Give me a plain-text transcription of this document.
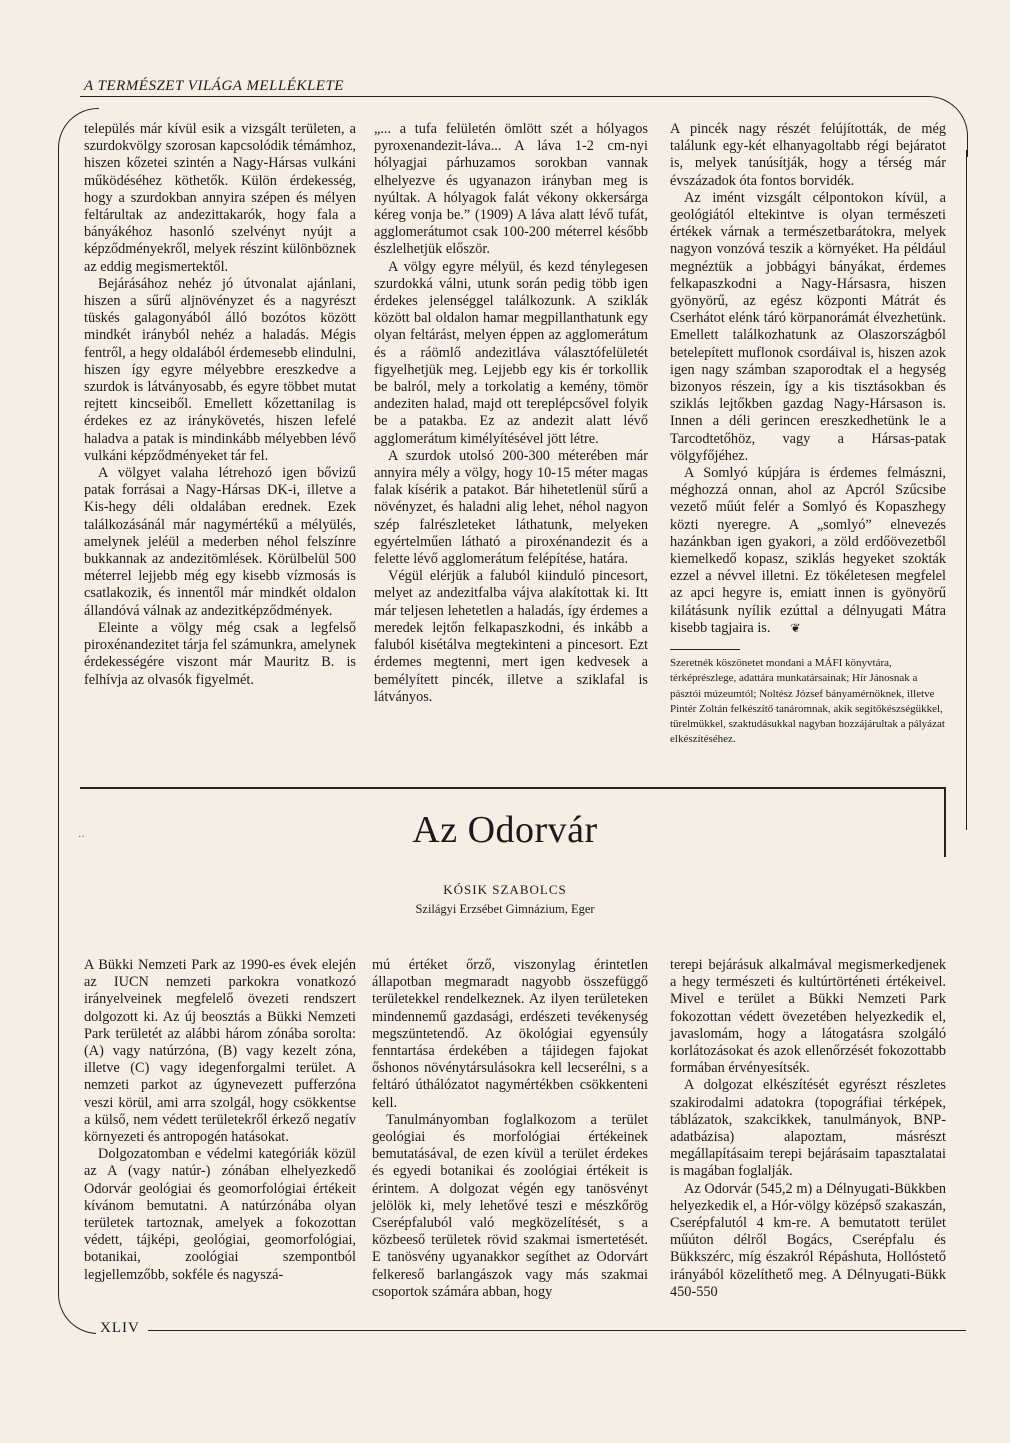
A TERMÉSZET VILÁGA MELLÉKLETE

település már kívül esik a vizsgált területen, a szurdokvölgy szorosan kapcsolódik témámhoz, hiszen kőzetei szintén a Nagy-Hársas vulkáni működéséhez köthetők. Külön érdekesség, hogy a szurdokban annyira szépen és mélyen feltárultak az andezittakarók, hogy fala a bányákéhoz hasonló szelvényt nyújt a képződményekről, melyek részint különböznek az eddig megismertektől.

Bejárásához nehéz jó útvonalat ajánlani, hiszen a sűrű aljnövényzet és a nagyrészt tüskés galagonyából álló bozótos között mindkét irányból nehéz a haladás. Mégis fentről, a hegy oldalából érdemesebb elindulni, hiszen így egyre mélyebbre ereszkedve a szurdok is látványosabb, és egyre többet mutat rejtett kincseiből. Emellett kőzettanilag is érdekes ez az iránykövetés, hiszen lefelé haladva a patak is mindinkább mélyebben lévő vulkáni képződményeket tár fel.

A völgyet valaha létrehozó igen bővizű patak forrásai a Nagy-Hársas DK-i, illetve a Kis-hegy déli oldalában erednek. Ezek találkozásánál már nagymértékű a mélyülés, amelynek jeléül a mederben néhol felszínre bukkannak az andezitömlések. Körülbelül 500 méterrel lejjebb még egy kisebb vízmosás is csatlakozik, és innentől már mindkét oldalon állandóvá válnak az andezitképződmények.

Eleinte a völgy még csak a legfelső piroxénandezitet tárja fel számunkra, amelynek érdekességére viszont már Mauritz B. is felhívja az olvasók figyelmét.

„... a tufa felületén ömlött szét a hólyagos pyroxenandezit-láva... A láva 1-2 cm-nyi hólyagjai párhuzamos sorokban vannak elhelyezve és ugyanazon irányban meg is nyúltak. A hólyagok falát vékony okkersárga kéreg vonja be.” (1909) A láva alatt lévő tufát, agglomerátumot csak 100-200 méterrel később észlelhetjük először.

A völgy egyre mélyül, és kezd ténylegesen szurdokká válni, utunk során pedig több igen érdekes jelenséggel találkozunk. A sziklák között bal oldalon hamar megpillanthatunk egy olyan feltárást, melyen éppen az agglomerátum és a ráömlő andezitláva választófelületét figyelhetjük meg. Lejjebb egy kis ér torkollik be balról, mely a torkolatig a kemény, tömör andeziten halad, majd ott tereplépcsővel folyik be a patakba. Ez az andezit alatt lévő agglomerátum kimélyítésével jött létre.

A szurdok utolsó 200-300 méterében már annyira mély a völgy, hogy 10-15 méter magas falak kísérik a patakot. Bár hihetetlenül sűrű a növényzet, és haladni alig lehet, néhol nagyon szép falrészleteket láthatunk, melyeken egyértelműen látható a piroxénandezit és a felette lévő agglomerátum felépítése, határa.

Végül elérjük a faluból kiinduló pincesort, melyet az andezitfalba vájva alakítottak ki. Itt már teljesen lehetetlen a haladás, így érdemes a meredek lejtőn felkapaszkodni, és inkább a faluból kisétálva megtekinteni a pincesort. Ezt érdemes megtenni, mert igen kedvesek a bemélyített pincék, illetve a sziklafal is látványos.

A pincék nagy részét felújították, de még találunk egy-két elhanyagoltabb régi bejáratot is, melyek tanúsítják, hogy a térség már évszázadok óta fontos borvidék.

Az imént vizsgált célpontokon kívül, a geológiától eltekintve is olyan természeti értékek várnak a természetbarátokra, melyek nagyon vonzóvá teszik a környéket. Ha például megnéztük a jobbágyi bányákat, érdemes felkapaszkodni a Nagy-Hársasra, hiszen gyönyörű, az egész központi Mátrát és Cserhátot elénk táró körpanorámát élvezhetünk. Emellett találkozhatunk az Olaszországból betelepített muflonok csordáival is, hiszen azok igen nagy számban szaporodtak el a hegység bizonyos részein, így a kis tisztásokban és sziklás lejtőkben gazdag Nagy-Hársason is. Innen a déli gerincen ereszkedhetünk le a Tarcodtetőhöz, vagy a Hársas-patak völgyfőjéhez.

A Somlyó kúpjára is érdemes felmászni, méghozzá onnan, ahol az Apcról Szűcsibe vezető műút felér a Somlyó és Kopaszhegy közti nyeregre. A „somlyó” elnevezés hazánkban igen gyakori, a zöld erdőövezetből kiemelkedő kopasz, sziklás hegyeket szokták ezzel a névvel illetni. Ez tökéletesen megfelel az apci hegyre is, emiatt innen is gyönyörű kilátásunk nyílik ezúttal a délnyugati Mátra kisebb tagjaira is. ❦

Szeretnék köszönetet mondani a MÁFI könyvtára, térképrészlege, adattára munkatársainak; Hír Jánosnak a pásztói múzeumtól; Noltész József bányamérnöknek, illetve Pintér Zoltán felkészítő tanáromnak, akik segítőkészségükkel, türelmükkel, szaktudásukkal nagyban hozzájárultak a pályázat elkészítéséhez.

··	Az Odorvár
KÓSIK SZABOLCS
Szilágyi Erzsébet Gimnázium, Eger

A Bükki Nemzeti Park az 1990-es évek elején az IUCN nemzeti parkokra vonatkozó irányelveinek megfelelő övezeti rendszert dolgozott ki. Az új beosztás a Bükki Nemzeti Park területét az alábbi három zónába sorolta: (A) vagy natúrzóna, (B) vagy kezelt zóna, illetve (C) vagy idegenforgalmi terület. A nemzeti parkot az úgynevezett pufferzóna veszi körül, ami arra szolgál, hogy csökkentse a külső, nem védett területekről érkező negatív környezeti és antropogén hatásokat.

Dolgozatomban e védelmi kategóriák közül az A (vagy natúr-) zónában elhelyezkedő Odorvár geológiai és geomorfológiai értékeit kívánom bemutatni. A natúrzónába olyan területek tartoznak, amelyek a fokozottan védett, tájképi, geológiai, geomorfológiai, botanikai, zoológiai szempontból legjellemzőbb, sokféle és nagyszá-

mú értéket őrző, viszonylag érintetlen állapotban megmaradt nagyobb összefüggő területekkel rendelkeznek. Az ilyen területeken mindennemű gazdasági, erdészeti tevékenység megszüntetendő. Az ökológiai egyensúly fenntartása érdekében a tájidegen fajokat őshonos növénytársulásokra kell lecserélni, s a feltáró úthálózatot nagymértékben csökkenteni kell.

Tanulmányomban foglalkozom a terület geológiai és morfológiai értékeinek bemutatásával, de ezen kívül a terület érdekes és egyedi botanikai és zoológiai értékeit is érintem. A dolgozat végén egy tanösvényt jelölök ki, mely lehetővé teszi e mészkőrög Cserépfaluból való megközelítését, s a közbeeső területek rövid szakmai ismertetését. E tanösvény ugyanakkor segíthet az Odorvárt felkereső barlangászok vagy más szakmai csoportok számára abban, hogy

terepi bejárásuk alkalmával megismerkedjenek a hegy természeti és kultúrtörténeti értékeivel. Mivel e terület a Bükki Nemzeti Park fokozottan védett övezetében helyezkedik el, javaslomám, hogy a látogatásra szolgáló korlátozásokat és azok ellenőrzését fokozottabb formában érvényesítsék.

A dolgozat elkészítését egyrészt részletes szakirodalmi adatokra (topográfiai térképek, táblázatok, szakcikkek, tanulmányok, BNP-adatbázisa) alapoztam, másrészt megállapításaim terepi bejárásaim tapasztalatai is magában foglalják.

Az Odorvár (545,2 m) a Délnyugati-Bükkben helyezkedik el, a Hór-völgy középső szakaszán, Cserépfalutól 4 km-re. A bemutatott terület műúton délről Bogács, Cserépfalu és Bükkszérc, míg északról Répáshuta, Hollóstető irányából közelíthető meg. A Délnyugati-Bükk 450-550

XLIV
